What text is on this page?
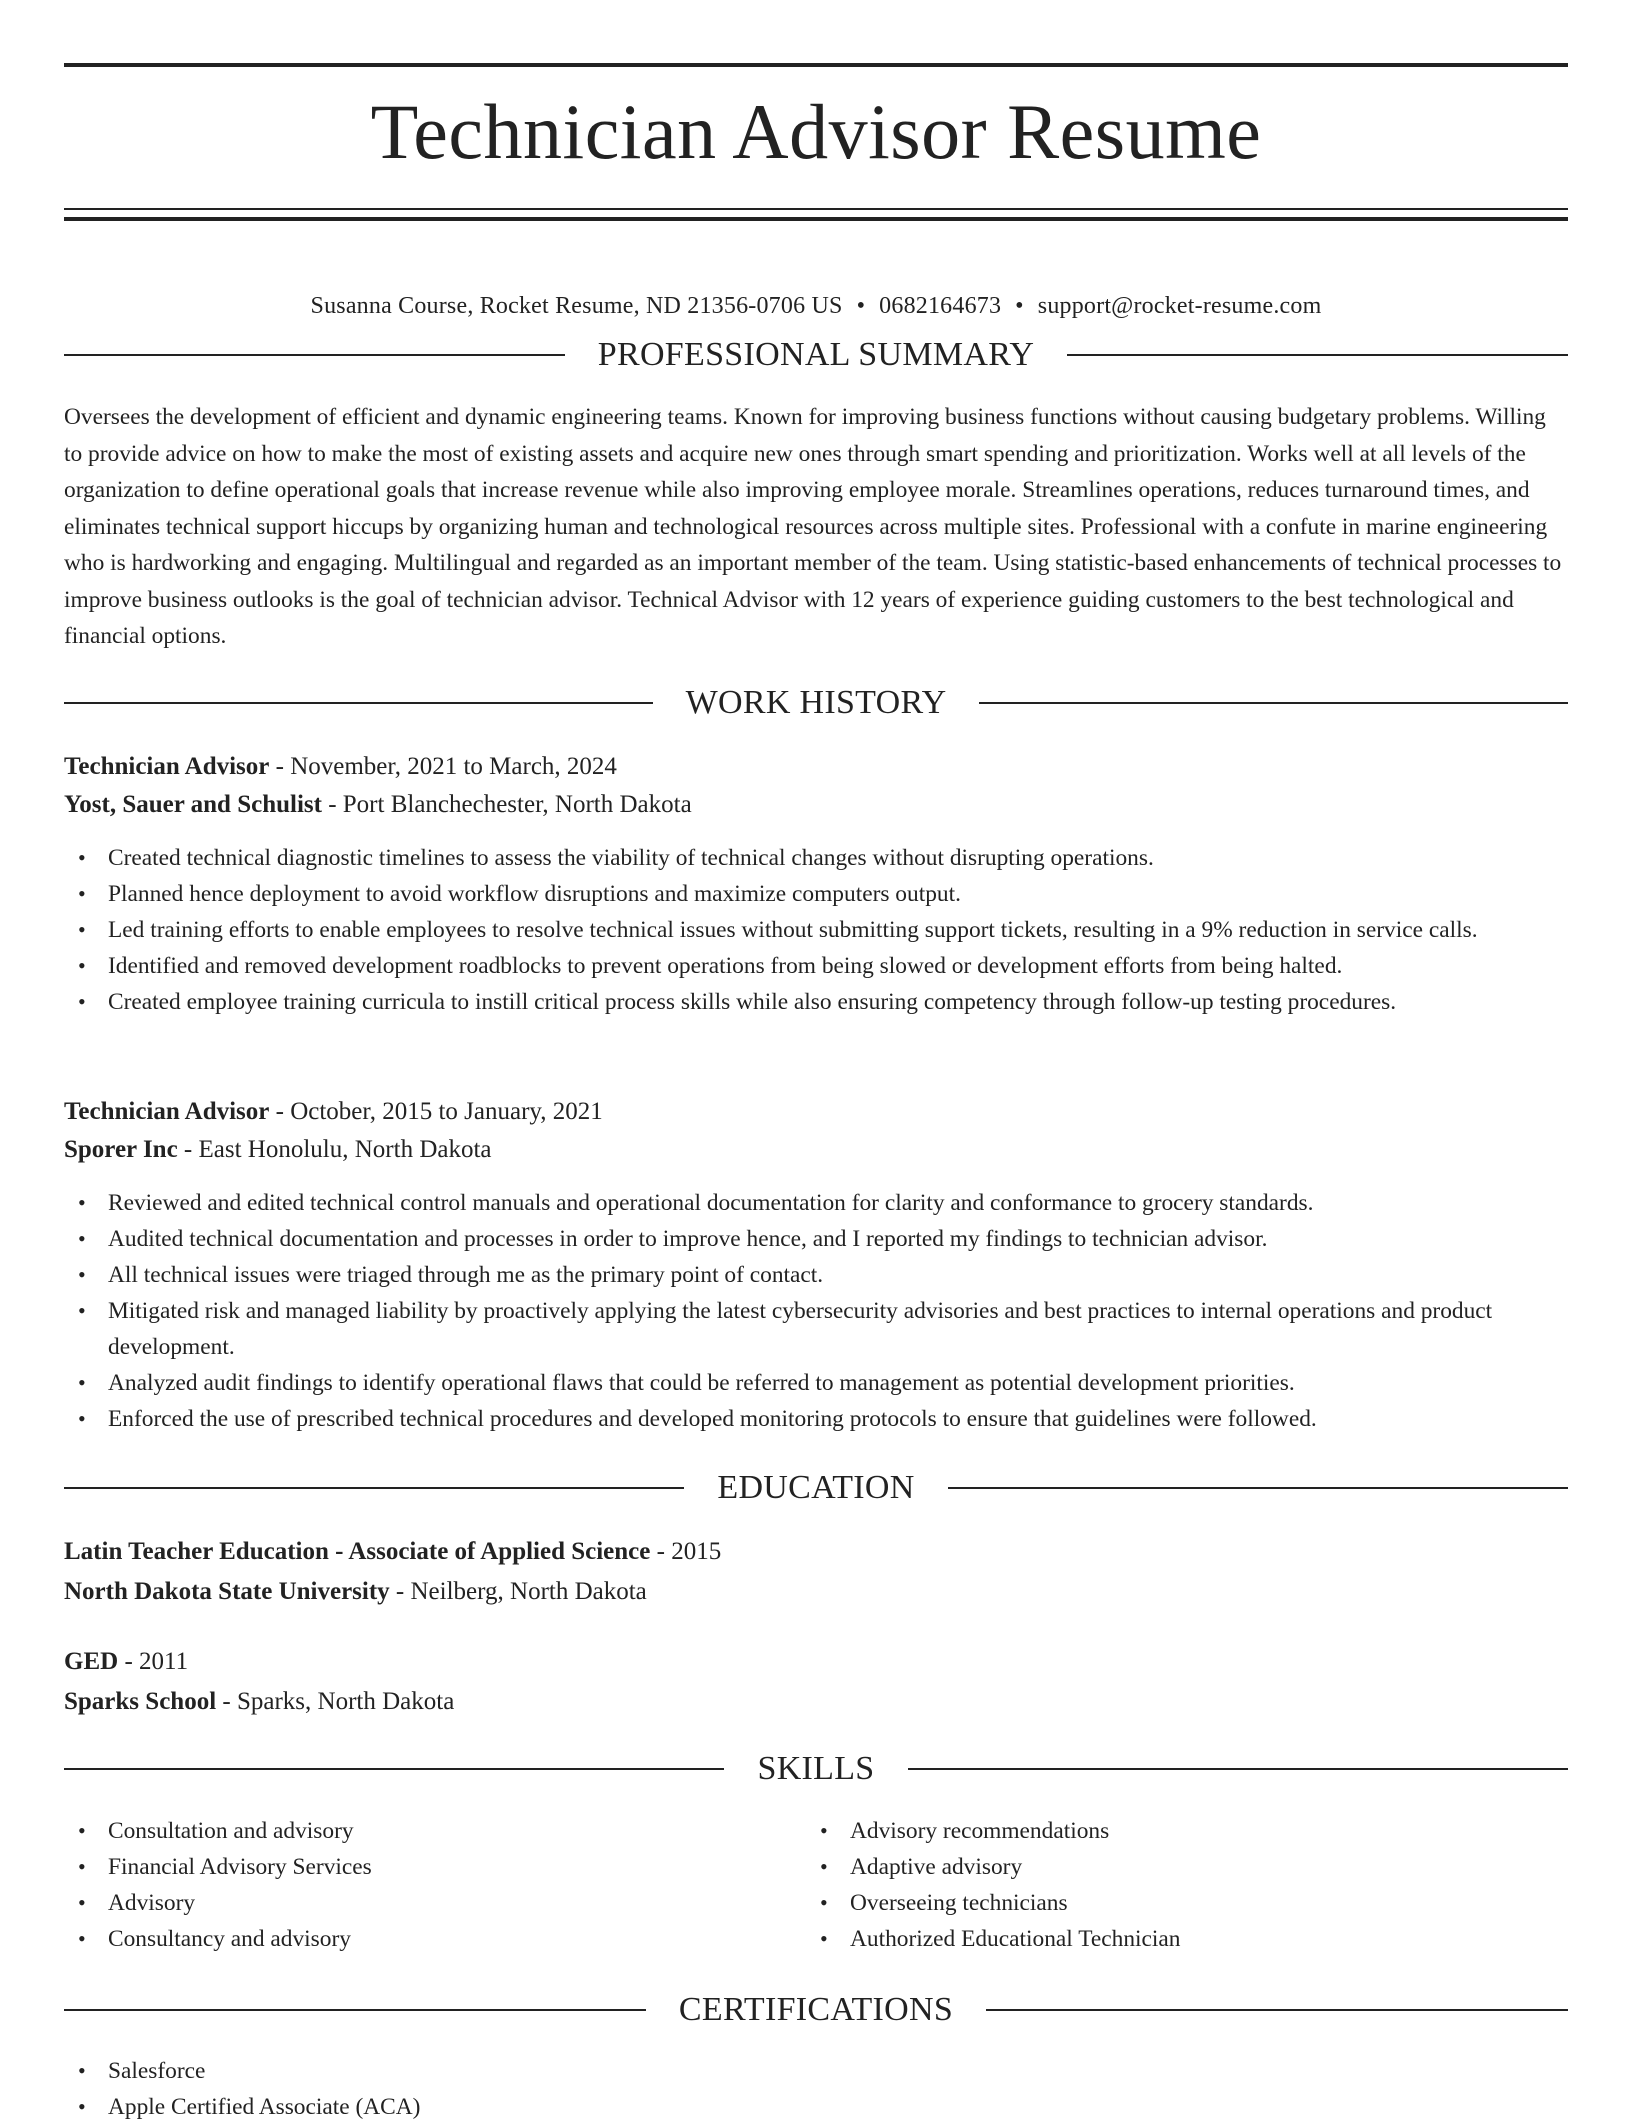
Technician Advisor Resume
Susanna Course, Rocket Resume, ND 21356-0706 US • 0682164673 • support@rocket-resume.com
PROFESSIONAL SUMMARY

Oversees the development of efficient and dynamic engineering teams. Known for improving business functions without causing budgetary problems. Willing to provide advice on how to make the most of existing assets and acquire new ones through smart spending and prioritization. Works well at all levels of the organization to define operational goals that increase revenue while also improving employee morale. Streamlines operations, reduces turnaround times, and eliminates technical support hiccups by organizing human and technological resources across multiple sites. Professional with a confute in marine engineering who is hardworking and engaging. Multilingual and regarded as an important member of the team. Using statistic-based enhancements of technical processes to improve business outlooks is the goal of technician advisor. Technical Advisor with 12 years of experience guiding customers to the best technological and financial options.

WORK HISTORY
Technician Advisor - November, 2021 to March, 2024
Yost, Sauer and Schulist - Port Blanchechester, North Dakota
• Created technical diagnostic timelines to assess the viability of technical changes without disrupting operations.
• Planned hence deployment to avoid workflow disruptions and maximize computers output.
• Led training efforts to enable employees to resolve technical issues without submitting support tickets, resulting in a 9% reduction in service calls.
• Identified and removed development roadblocks to prevent operations from being slowed or development efforts from being halted.
• Created employee training curricula to instill critical process skills while also ensuring competency through follow-up testing procedures.
Technician Advisor - October, 2015 to January, 2021
Sporer Inc - East Honolulu, North Dakota
• Reviewed and edited technical control manuals and operational documentation for clarity and conformance to grocery standards.
• Audited technical documentation and processes in order to improve hence, and I reported my findings to technician advisor.
• All technical issues were triaged through me as the primary point of contact.
• Mitigated risk and managed liability by proactively applying the latest cybersecurity advisories and best practices to internal operations and product development.
• Analyzed audit findings to identify operational flaws that could be referred to management as potential development priorities.
• Enforced the use of prescribed technical procedures and developed monitoring protocols to ensure that guidelines were followed.
EDUCATION
Latin Teacher Education - Associate of Applied Science - 2015
North Dakota State University - Neilberg, North Dakota
GED - 2011
Sparks School - Sparks, North Dakota
SKILLS
• Consultation and advisory
• Financial Advisory Services
• Advisory
• Consultancy and advisory
• Advisory recommendations
• Adaptive advisory
• Overseeing technicians
• Authorized Educational Technician
CERTIFICATIONS
• Salesforce
• Apple Certified Associate (ACA)
